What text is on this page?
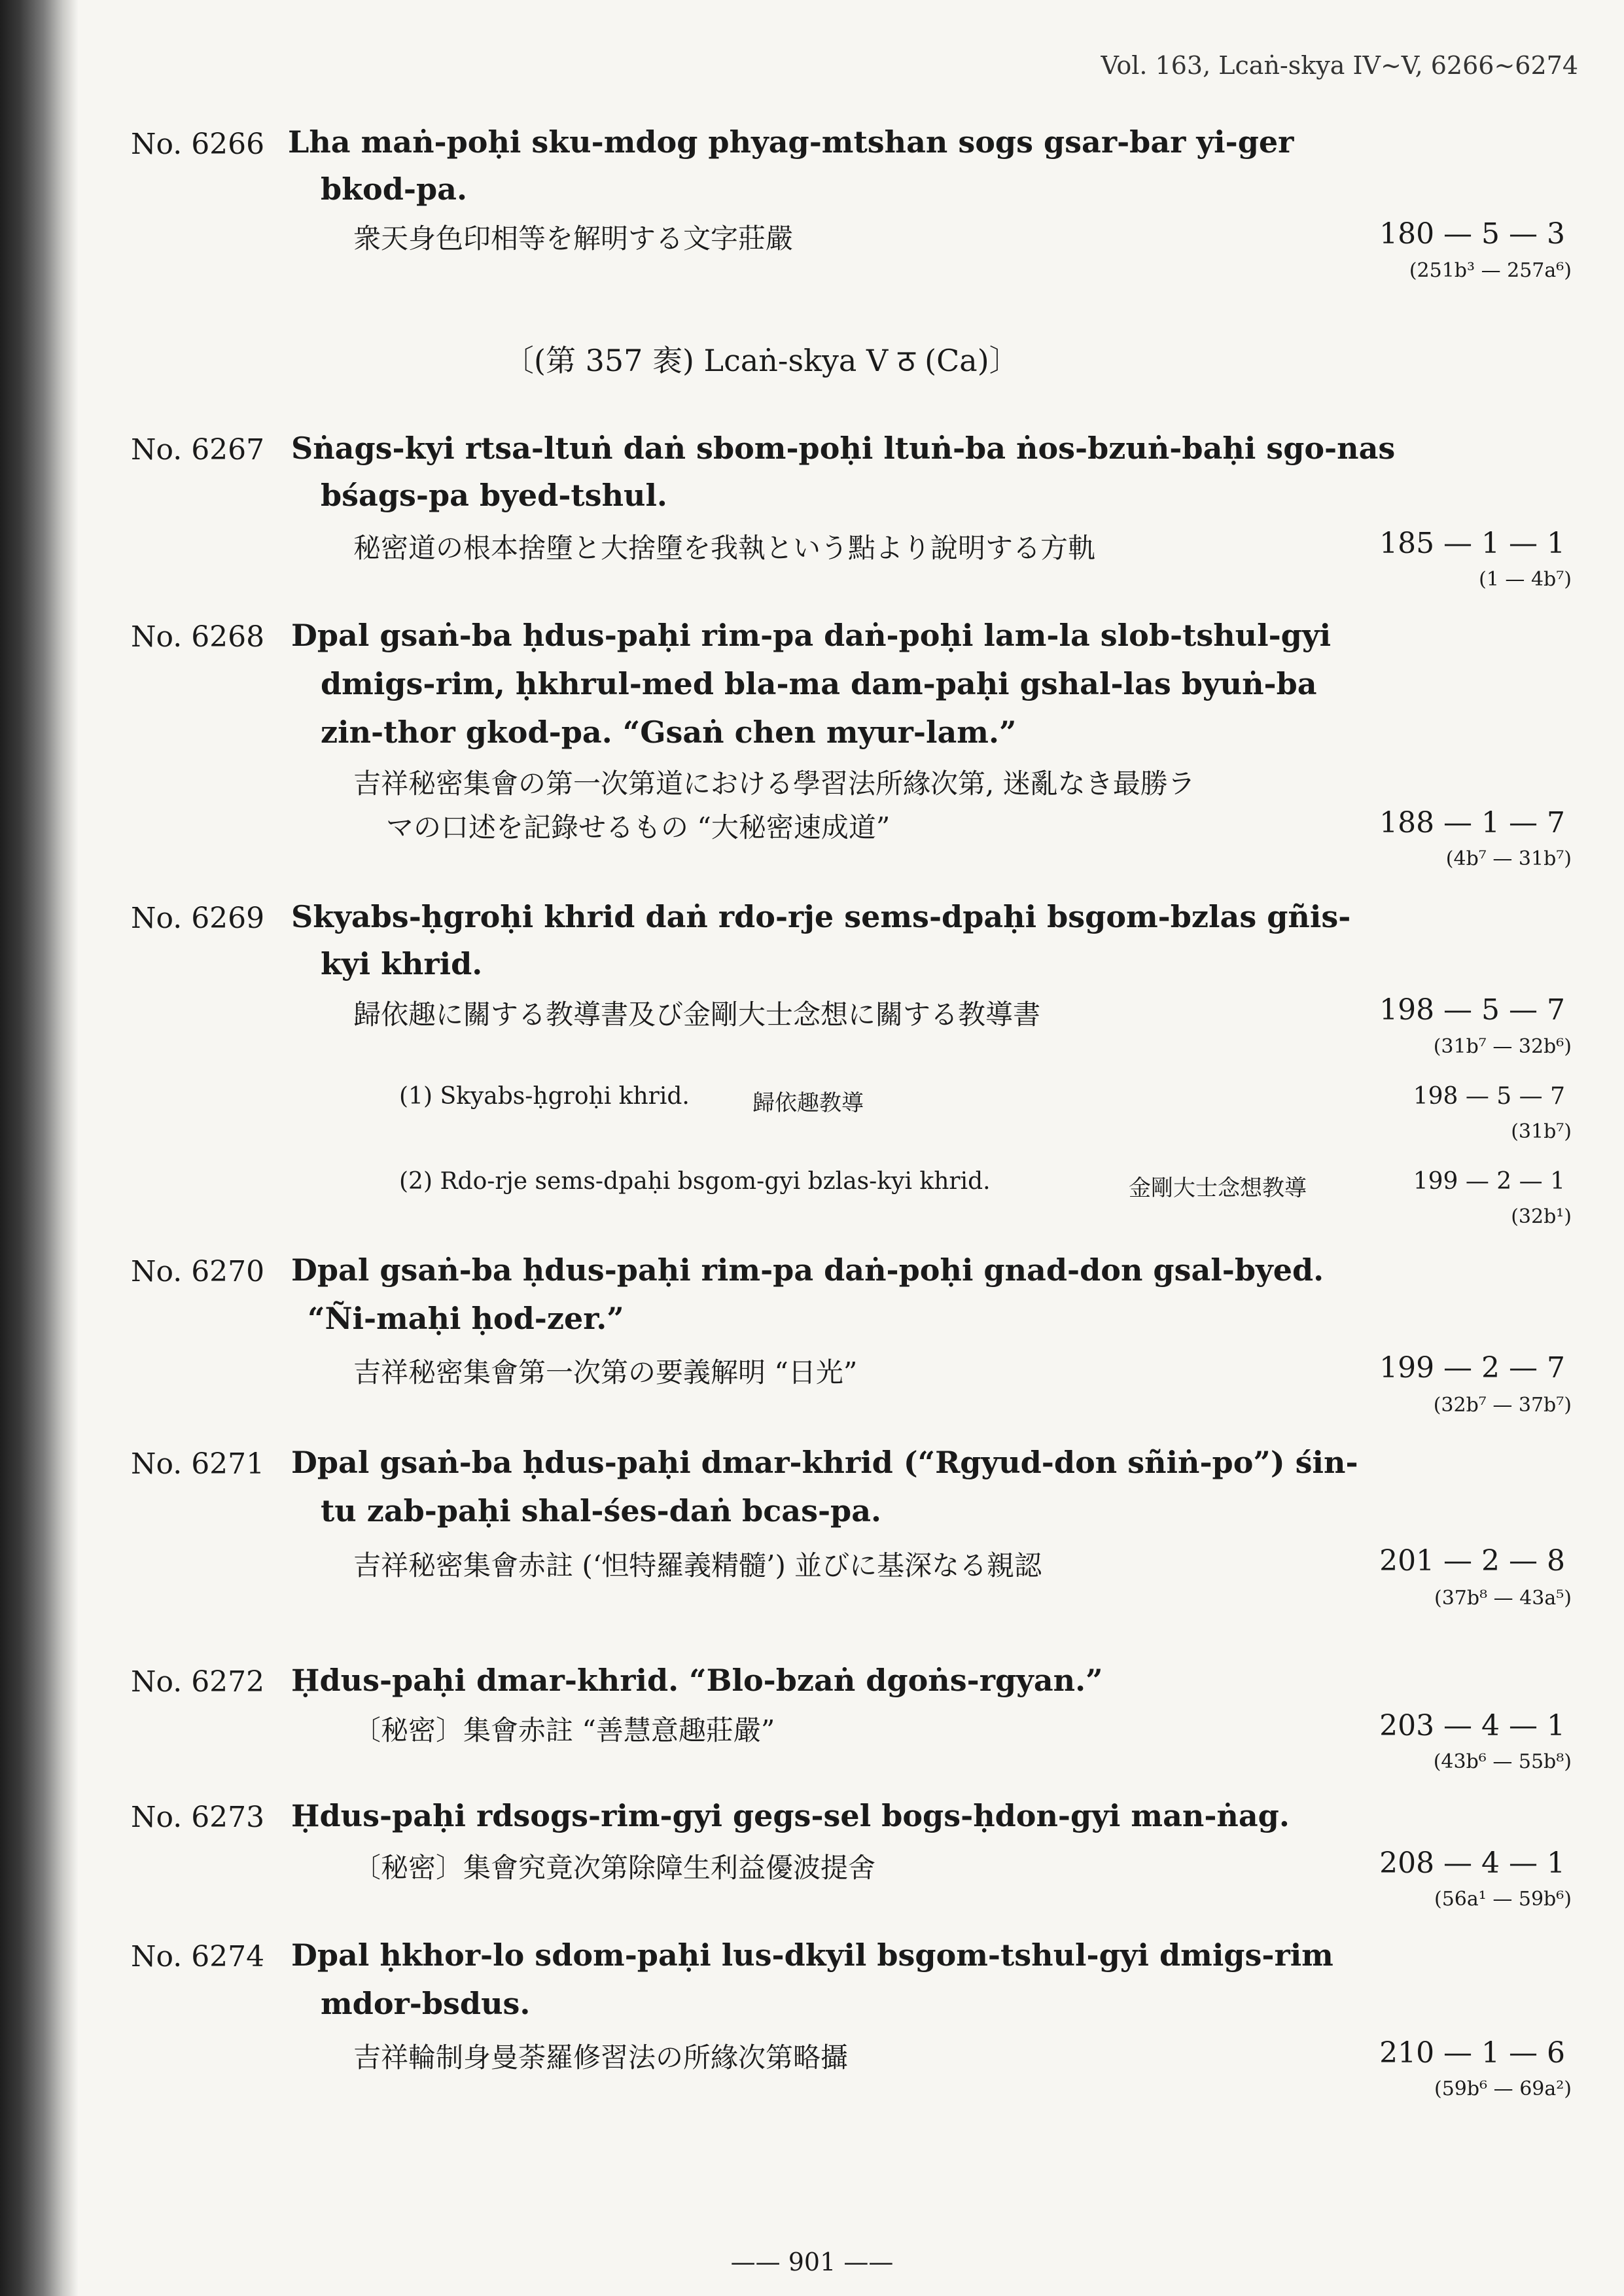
Vol. 163, Lcaṅ-skya IV∼V, 6266∼6274
〔(第 357 袠) Lcaṅ-skya V ठ (Ca)〕
No. 6266 Lha maṅ-poḥi sku-mdog phyag-mtshan sogs gsar-bar yi-ger
bkod-pa.
衆天身色印相等を解明する文字莊嚴	180 — 5 — 3
(251b³ — 257a⁶)
No. 6267 Sṅags-kyi rtsa-ltuṅ daṅ sbom-poḥi ltuṅ-ba ṅos-bzuṅ-baḥi sgo-nas
bśags-pa byed-tshul.
秘密道の根本捨墮と大捨墮を我執という點より說明する方軌	185 — 1 — 1
(1 — 4b⁷)
No. 6268 Dpal gsaṅ-ba ḥdus-paḥi rim-pa daṅ-poḥi lam-la slob-tshul-gyi
dmigs-rim, ḥkhrul-med bla-ma dam-paḥi gshal-las byuṅ-ba
zin-thor gkod-pa. “Gsaṅ chen myur-lam.”
吉祥秘密集會の第一次第道における學習法所緣次第, 迷亂なき最勝ラ
マの口述を記錄せるもの “大秘密速成道”	188 — 1 — 7
(4b⁷ — 31b⁷)
No. 6269 Skyabs-ḥgroḥi khrid daṅ rdo-rje sems-dpaḥi bsgom-bzlas gñis-
kyi khrid.
歸依趣に關する教導書及び金剛大士念想に關する教導書	198 — 5 — 7
(31b⁷ — 32b⁶)
(1) Skyabs-ḥgroḥi khrid.	歸依趣教導	198 — 5 — 7
(31b⁷)
(2) Rdo-rje sems-dpaḥi bsgom-gyi bzlas-kyi khrid.	金剛大士念想教導	199 — 2 — 1
(32b¹)
No. 6270 Dpal gsaṅ-ba ḥdus-paḥi rim-pa daṅ-poḥi gnad-don gsal-byed.
“Ñi-maḥi ḥod-zer.”
吉祥秘密集會第一次第の要義解明 “日光”	199 — 2 — 7
(32b⁷ — 37b⁷)
No. 6271 Dpal gsaṅ-ba ḥdus-paḥi dmar-khrid (“Rgyud-don sñiṅ-po”) śin-
tu zab-paḥi shal-śes-daṅ bcas-pa.
吉祥秘密集會赤註 (‘怛特羅義精髓’) 並びに基深なる親認	201 — 2 — 8
(37b⁸ — 43a⁵)
No. 6272 Ḥdus-paḥi dmar-khrid. “Blo-bzaṅ dgoṅs-rgyan.”
〔秘密〕集會赤註 “善慧意趣莊嚴”	203 — 4 — 1
(43b⁶ — 55b⁸)
No. 6273 Ḥdus-paḥi rdsogs-rim-gyi gegs-sel bogs-ḥdon-gyi man-ṅag.
〔秘密〕集會究竟次第除障生利益優波提舍	208 — 4 — 1
(56a¹ — 59b⁶)
No. 6274 Dpal ḥkhor-lo sdom-paḥi lus-dkyil bsgom-tshul-gyi dmigs-rim
mdor-bsdus.
吉祥輪制身曼荼羅修習法の所緣次第略攝	210 — 1 — 6
(59b⁶ — 69a²)
—— 901 ——
